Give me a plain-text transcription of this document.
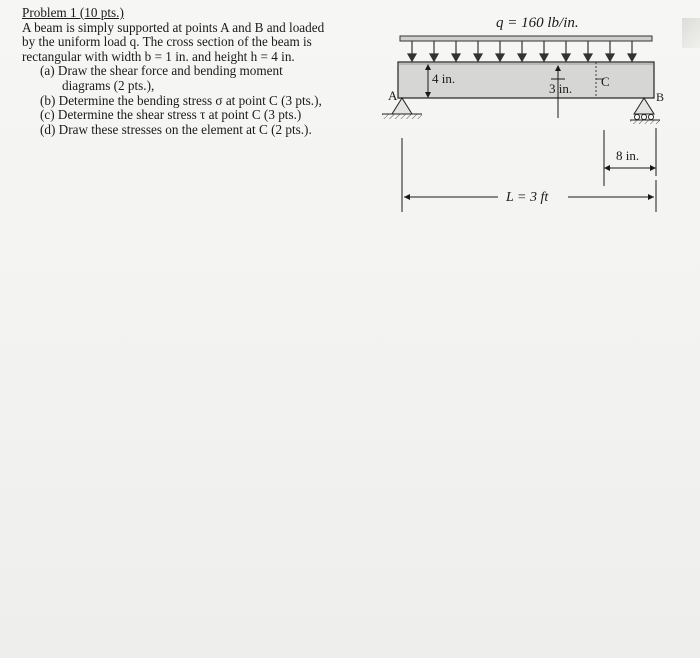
Problem 1 (10 pts.)
A beam is simply supported at points A and B and loaded
by the uniform load q. The cross section of the beam is
rectangular with width b = 1 in. and height h = 4 in.
(a) Draw the shear force and bending moment
diagrams (2 pts.),
(b) Determine the bending stress σ at point C (3 pts.),
(c) Determine the shear stress τ at point C (3 pts.)
(d) Draw these stresses on the element at C (2 pts.).
q = 160 lb/in.
4 in.
3 in. C
A	B
8 in.
L = 3 ft
